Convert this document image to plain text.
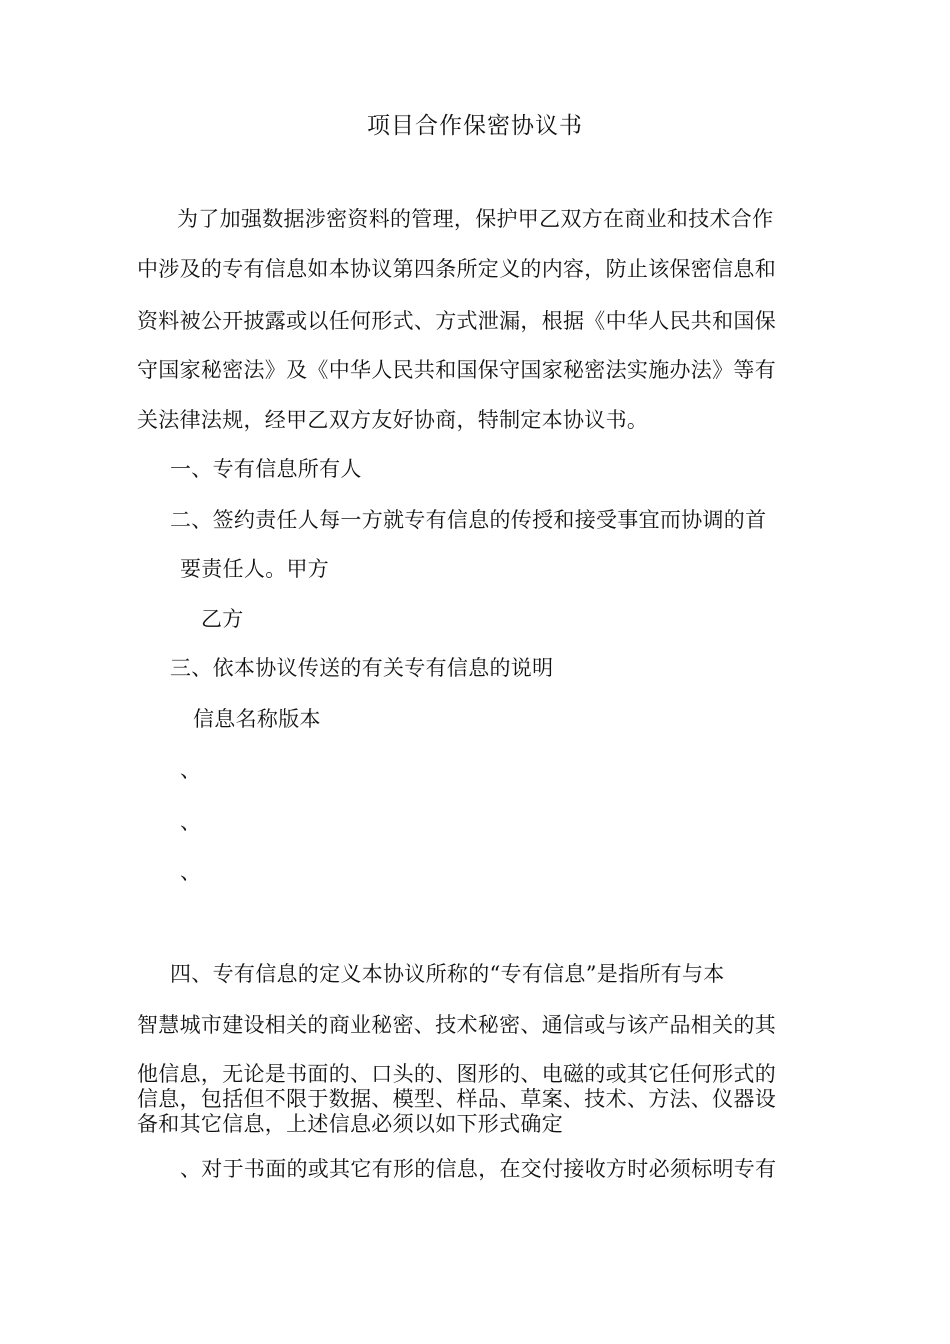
项目合作保密协议书
为了加强数据涉密资料的管理，保护甲乙双方在商业和技术合作
中涉及的专有信息如本协议第四条所定义的内容，防止该保密信息和
资料被公开披露或以任何形式、方式泄漏，根据《中华人民共和国保
守国家秘密法》及《中华人民共和国保守国家秘密法实施办法》等有
关法律法规，经甲乙双方友好协商，特制定本协议书。
一、专有信息所有人
二、签约责任人每一方就专有信息的传授和接受事宜而协调的首
要责任人。甲方
乙方
三、依本协议传送的有关专有信息的说明
信息名称版本
、
、
、
四、专有信息的定义本协议所称的“专有信息”是指所有与本
智慧城市建设相关的商业秘密、技术秘密、通信或与该产品相关的其
他信息，无论是书面的、口头的、图形的、电磁的或其它任何形式的
信息，包括但不限于数据、模型、样品、草案、技术、方法、仪器设
备和其它信息，上述信息必须以如下形式确定
、对于书面的或其它有形的信息，在交付接收方时必须标明专有
